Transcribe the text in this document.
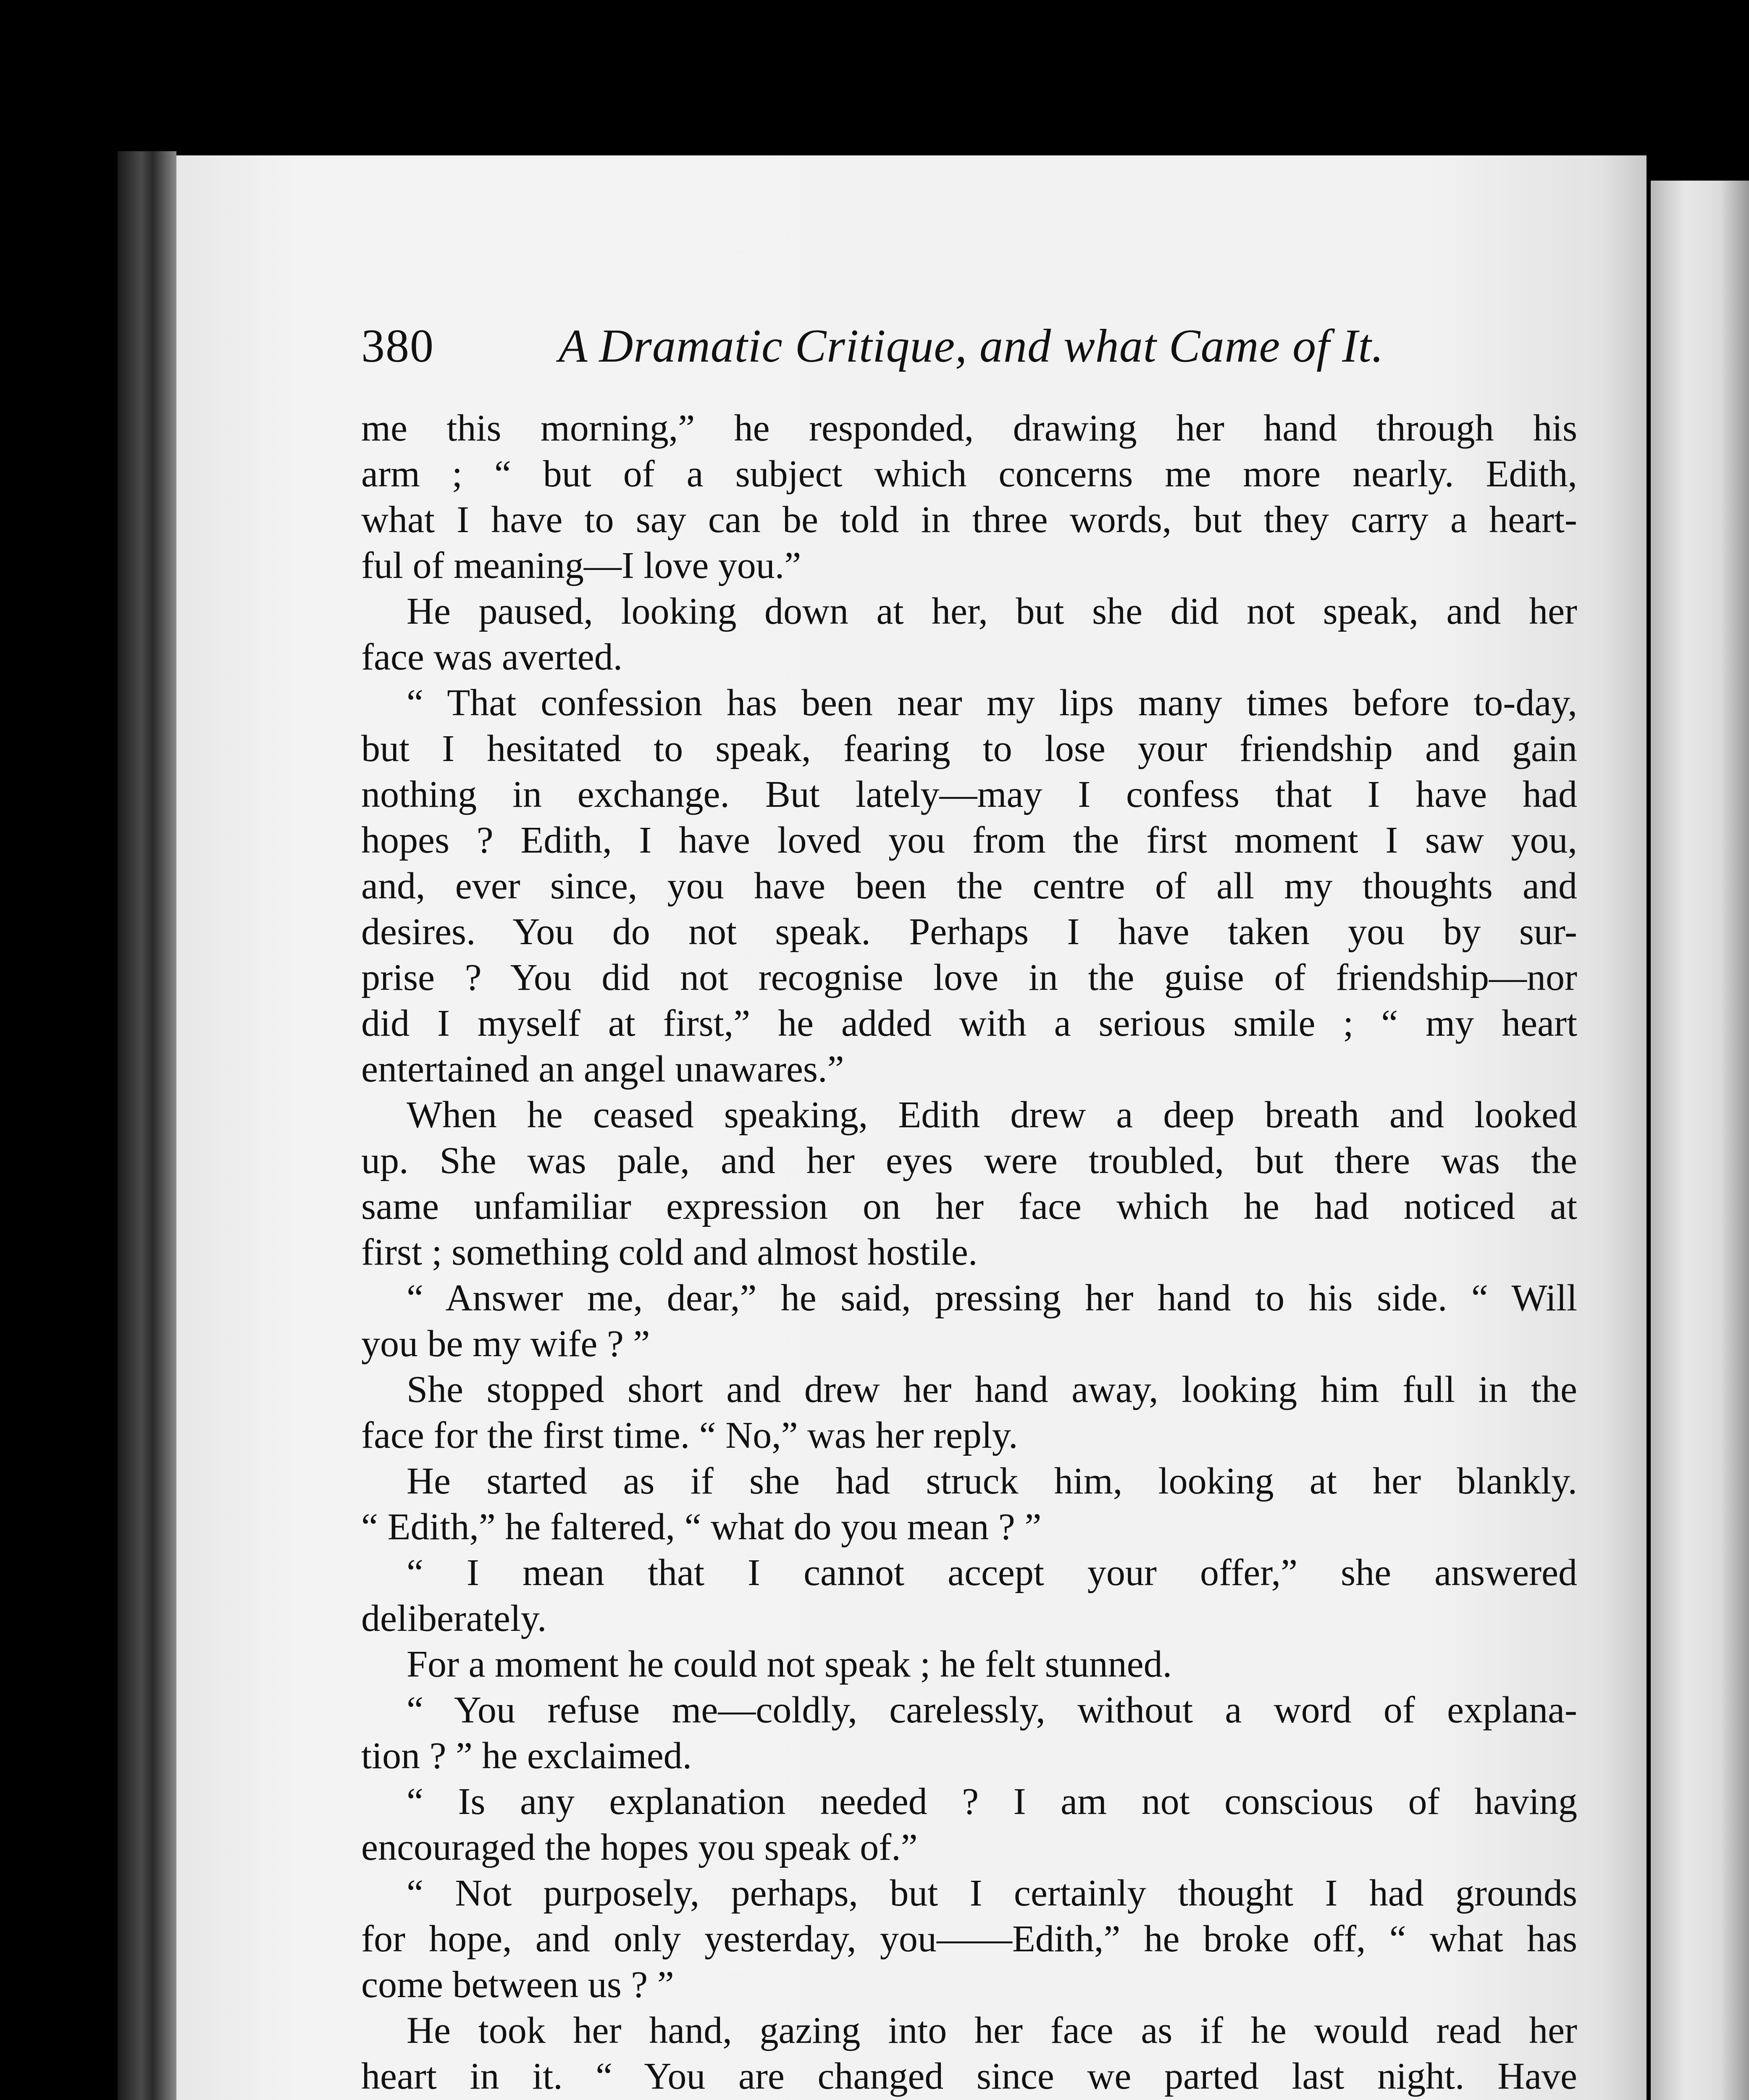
380	A Dramatic Critique, and what Came of It.
me this morning,” he responded, drawing her hand through his
arm ; “ but of a subject which concerns me more nearly. Edith,
what I have to say can be told in three words, but they carry a heart-
ful of meaning—I love you.”
He paused, looking down at her, but she did not speak, and her
face was averted.
“ That confession has been near my lips many times before to-day,
but I hesitated to speak, fearing to lose your friendship and gain
nothing in exchange. But lately—may I confess that I have had
hopes ? Edith, I have loved you from the first moment I saw you,
and, ever since, you have been the centre of all my thoughts and
desires. You do not speak. Perhaps I have taken you by sur-
prise ? You did not recognise love in the guise of friendship—nor
did I myself at first,” he added with a serious smile ; “ my heart
entertained an angel unawares.”
When he ceased speaking, Edith drew a deep breath and looked
up. She was pale, and her eyes were troubled, but there was the
same unfamiliar expression on her face which he had noticed at
first ; something cold and almost hostile.
“ Answer me, dear,” he said, pressing her hand to his side. “ Will
you be my wife ? ”
She stopped short and drew her hand away, looking him full in the
face for the first time. “ No,” was her reply.
He started as if she had struck him, looking at her blankly.
“ Edith,” he faltered, “ what do you mean ? ”
“ I mean that I cannot accept your offer,” she answered
deliberately.
For a moment he could not speak ; he felt stunned.
“ You refuse me—coldly, carelessly, without a word of explana-
tion ? ” he exclaimed.
“ Is any explanation needed ? I am not conscious of having
encouraged the hopes you speak of.”
“ Not purposely, perhaps, but I certainly thought I had grounds
for hope, and only yesterday, you——Edith,” he broke off, “ what has
come between us ? ”
He took her hand, gazing into her face as if he would read her
heart in it. “ You are changed since we parted last night. Have
